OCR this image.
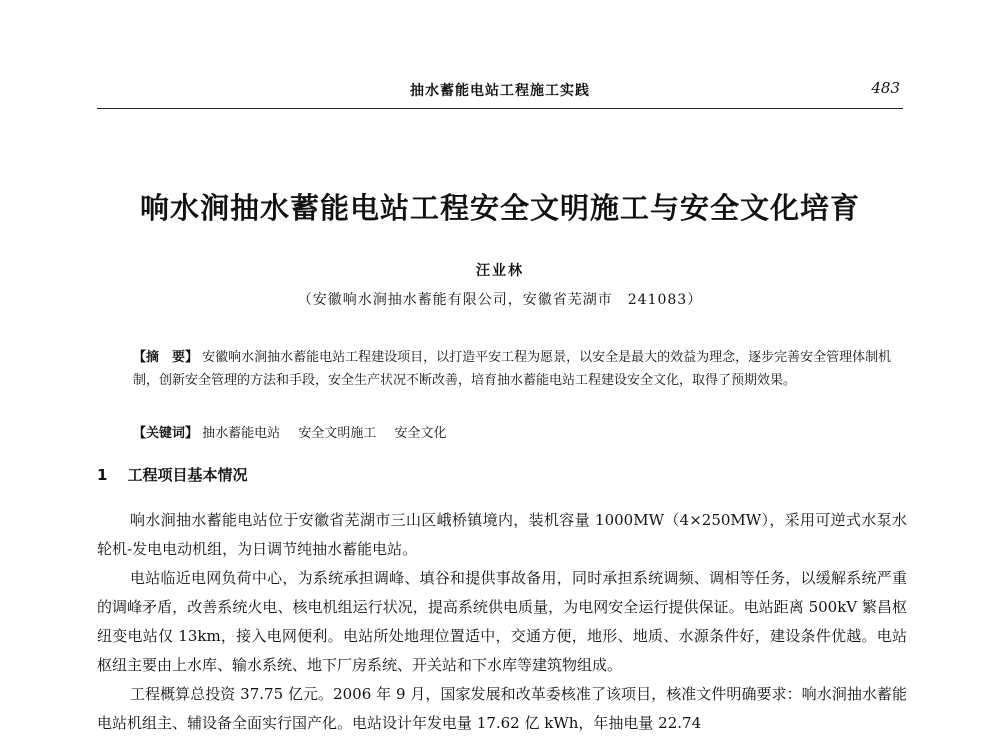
抽水蓄能电站工程施工实践	483
响水涧抽水蓄能电站工程安全文明施工与安全文化培育
汪业林
（安徽响水涧抽水蓄能有限公司，安徽省芜湖市　241083）
【摘　要】 安徽响水涧抽水蓄能电站工程建设项目，以打造平安工程为愿景，以安全是最大的效益为理念，逐步完善安全管理体制机制，创新安全管理的方法和手段，安全生产状况不断改善，培育抽水蓄能电站工程建设安全文化，取得了预期效果。
【关键词】 抽水蓄能电站 安全文明施工 安全文化
1 工程项目基本情况

响水涧抽水蓄能电站位于安徽省芜湖市三山区峨桥镇境内，装机容量 1000MW（4×250MW），采用可逆式水泵水轮机-发电电动机组，为日调节纯抽水蓄能电站。

电站临近电网负荷中心，为系统承担调峰、填谷和提供事故备用，同时承担系统调频、调相等任务，以缓解系统严重的调峰矛盾，改善系统火电、核电机组运行状况，提高系统供电质量，为电网安全运行提供保证。电站距离 500kV 繁昌枢纽变电站仅 13km，接入电网便利。电站所处地理位置适中，交通方便，地形、地质、水源条件好，建设条件优越。电站枢纽主要由上水库、输水系统、地下厂房系统、开关站和下水库等建筑物组成。

工程概算总投资 37.75 亿元。2006 年 9 月，国家发展和改革委核准了该项目，核准文件明确要求：响水涧抽水蓄能电站机组主、辅设备全面实行国产化。电站设计年发电量 17.62 亿 kWh，年抽电量 22.74
